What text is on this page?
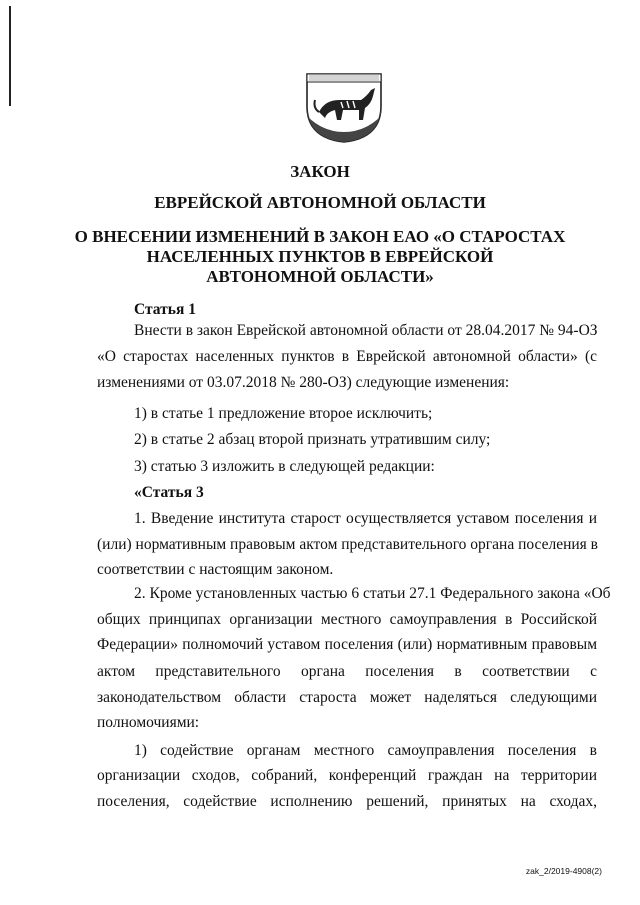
ЗАКОН
ЕВРЕЙСКОЙ АВТОНОМНОЙ ОБЛАСТИ
О ВНЕСЕНИИ ИЗМЕНЕНИЙ В ЗАКОН ЕАО «О СТАРОСТАХ
НАСЕЛЕННЫХ ПУНКТОВ В ЕВРЕЙСКОЙ
АВТОНОМНОЙ ОБЛАСТИ»
Статья 1
Внести в закон Еврейской автономной области от 28.04.2017 № 94-ОЗ
«О старостах населенных пунктов в Еврейской автономной области» (с
изменениями от 03.07.2018 № 280-ОЗ) следующие изменения:
1) в статье 1 предложение второе исключить;
2) в статье 2 абзац второй признать утратившим силу;
3) статью 3 изложить в следующей редакции:
«Статья 3
1. Введение института старост осуществляется уставом поселения и
(или) нормативным правовым актом представительного органа поселения в
соответствии с настоящим законом.
2. Кроме установленных частью 6 статьи 27.1 Федерального закона «Об
общих принципах организации местного самоуправления в Российской
Федерации» полномочий уставом поселения (или) нормативным правовым
актом представительного органа поселения в соответствии с
законодательством области староста может наделяться следующими
полномочиями:
1) содействие органам местного самоуправления поселения в
организации сходов, собраний, конференций граждан на территории
поселения, содействие исполнению решений, принятых на сходах,
zak_2/2019-4908(2)
